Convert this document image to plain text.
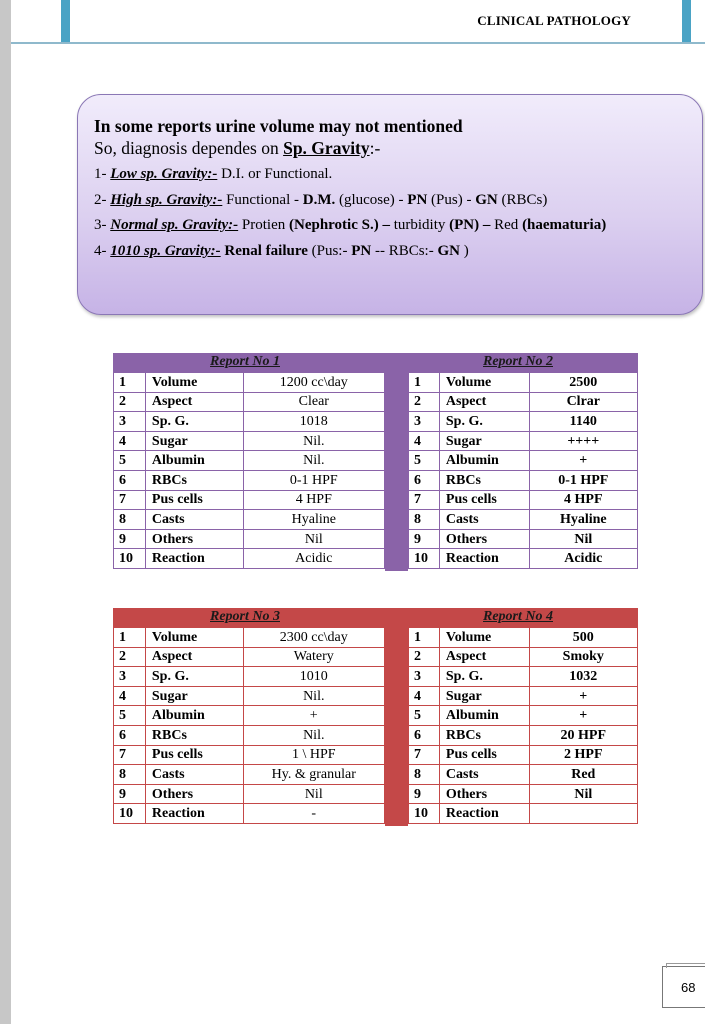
CLINICAL PATHOLOGY
In some reports urine volume may not mentioned
So, diagnosis dependes on Sp. Gravity:-
1- Low sp. Gravity:- D.I. or Functional.
2- High sp. Gravity:- Functional - D.M. (glucose) - PN (Pus) - GN (RBCs)
3- Normal sp. Gravity:- Protien (Nephrotic S.) – turbidity (PN) – Red (haematuria)
4- 1010 sp. Gravity:- Renal failure (Pus:- PN -- RBCs:- GN )
Report No 1	Report No 2
1	Volume	1200 cc\day
2	Aspect	Clear
3	Sp. G.	1018
4	Sugar	Nil.
5	Albumin	Nil.
6	RBCs	0-1 HPF
7	Pus cells	4 HPF
8	Casts	Hyaline
9	Others	Nil
10	Reaction	Acidic
1	Volume	2500
2	Aspect	Clrar
3	Sp. G.	1140
4	Sugar	++++
5	Albumin	+
6	RBCs	0-1 HPF
7	Pus cells	4 HPF
8	Casts	Hyaline
9	Others	Nil
10	Reaction	Acidic
Report No 3	Report No 4
1	Volume	2300 cc\day
2	Aspect	Watery
3	Sp. G.	1010
4	Sugar	Nil.
5	Albumin	+
6	RBCs	Nil.
7	Pus cells	1 \ HPF
8	Casts	Hy. & granular
9	Others	Nil
10	Reaction	-
1	Volume	500
2	Aspect	Smoky
3	Sp. G.	1032
4	Sugar	+
5	Albumin	+
6	RBCs	20 HPF
7	Pus cells	2 HPF
8	Casts	Red
9	Others	Nil
10	Reaction	
68
